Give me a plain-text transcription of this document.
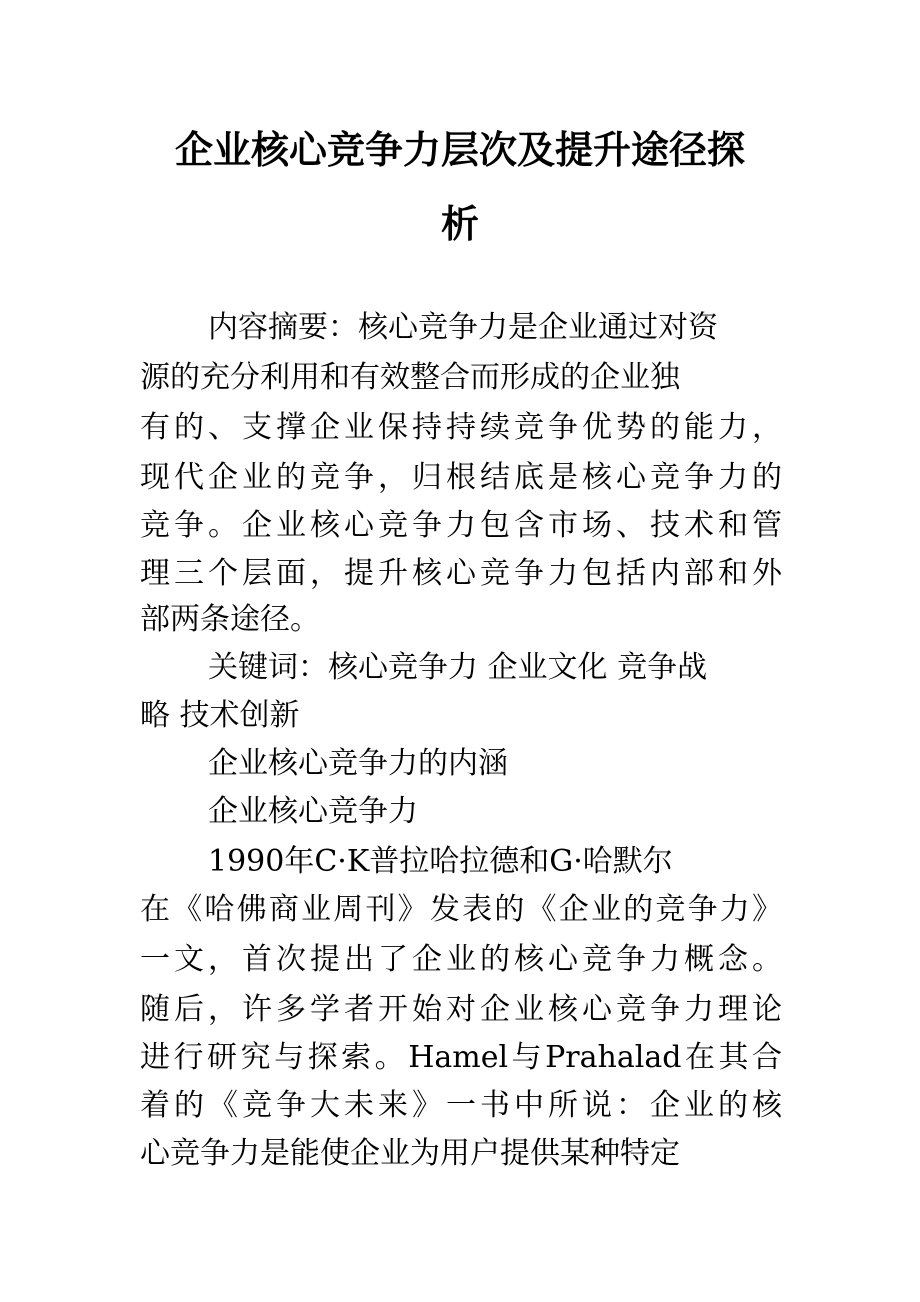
企业核心竞争力层次及提升途径探
析

内容摘要：核心竞争力是企业通过对资

源的充分利用和有效整合而形成的企业独

有的、支撑企业保持持续竞争优势的能力，

现代企业的竞争，归根结底是核心竞争力的

竞争。企业核心竞争力包含市场、技术和管

理三个层面，提升核心竞争力包括内部和外

部两条途径。

关键词：核心竞争力 企业文化 竞争战

略 技术创新

企业核心竞争力的内涵

企业核心竞争力

1990年C·K普拉哈拉德和G·哈默尔

在《哈佛商业周刊》发表的《企业的竞争力》

一文，首次提出了企业的核心竞争力概念。

随后，许多学者开始对企业核心竞争力理论

进行研究与探索。Hamel与Prahalad在其合

着的《竞争大未来》一书中所说：企业的核

心竞争力是能使企业为用户提供某种特定
